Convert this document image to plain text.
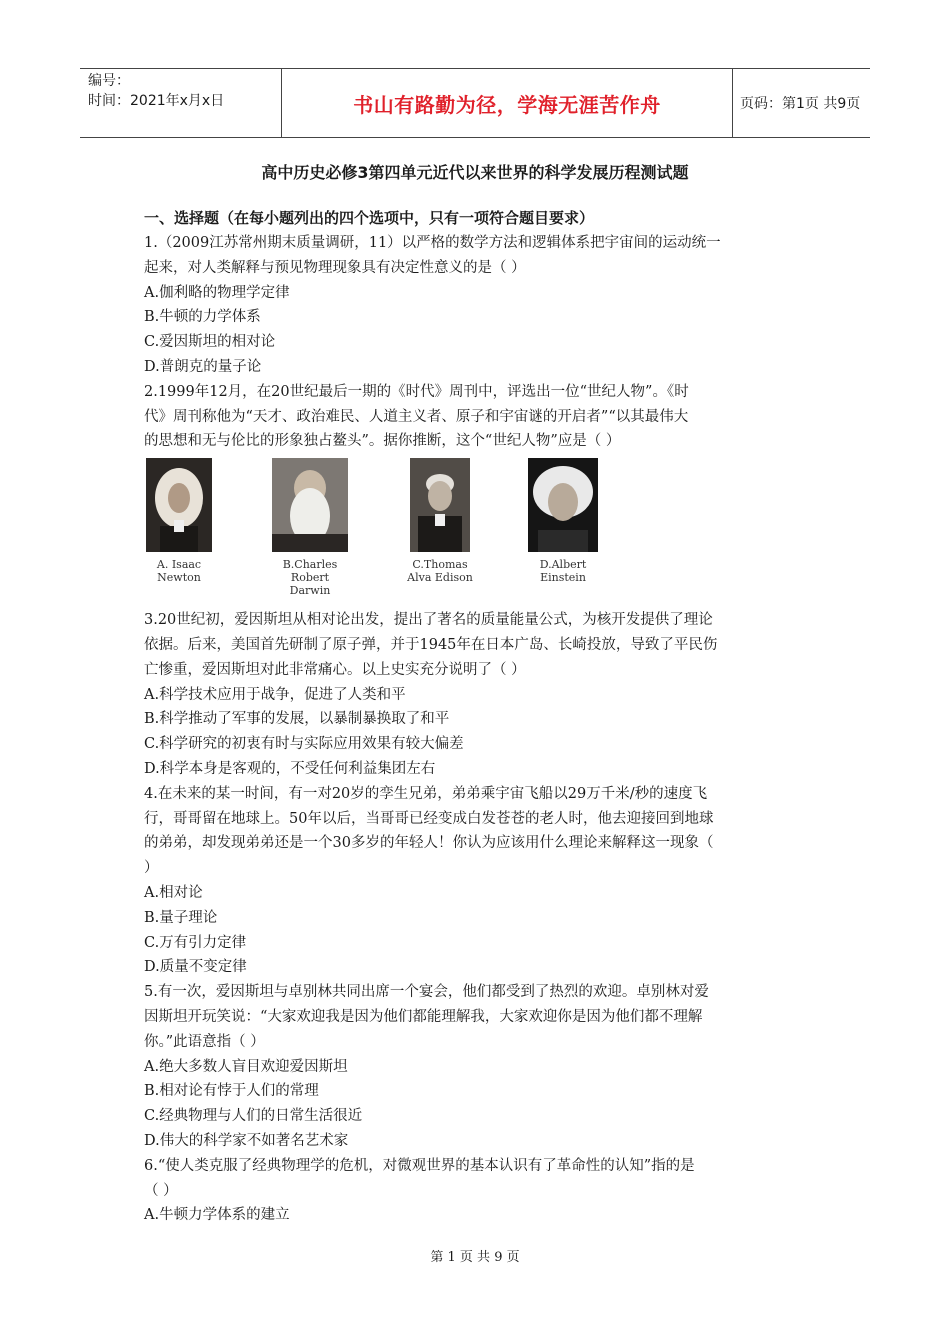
编号：
时间：2021年x月x日	书山有路勤为径，学海无涯苦作舟	页码：第1页 共9页
高中历史必修3第四单元近代以来世界的科学发展历程测试题
一、选择题（在每小题列出的四个选项中，只有一项符合题目要求）
1.（2009江苏常州期末质量调研，11）以严格的数学方法和逻辑体系把宇宙间的运动统一
起来，对人类解释与预见物理现象具有决定性意义的是（ ）
A.伽利略的物理学定律
B.牛顿的力学体系
C.爱因斯坦的相对论
D.普朗克的量子论
2.1999年12月，在20世纪最后一期的《时代》周刊中，评选出一位“世纪人物”。《时
代》周刊称他为“天才、政治难民、人道主义者、原子和宇宙谜的开启者”“以其最伟大
的思想和无与伦比的形象独占鳌头”。据你推断，这个“世纪人物”应是（ ）
A. Isaac
Newton
B.Charles
Robert
Darwin
C.Thomas
Alva Edison
D.Albert
Einstein
3.20世纪初，爱因斯坦从相对论出发，提出了著名的质量能量公式，为核开发提供了理论
依据。后来，美国首先研制了原子弹，并于1945年在日本广岛、长崎投放，导致了平民伤
亡惨重，爱因斯坦对此非常痛心。以上史实充分说明了（ ）
A.科学技术应用于战争，促进了人类和平
B.科学推动了军事的发展，以暴制暴换取了和平
C.科学研究的初衷有时与实际应用效果有较大偏差
D.科学本身是客观的，不受任何利益集团左右
4.在未来的某一时间，有一对20岁的孪生兄弟，弟弟乘宇宙飞船以29万千米/秒的速度飞
行，哥哥留在地球上。50年以后，当哥哥已经变成白发苍苍的老人时，他去迎接回到地球
的弟弟，却发现弟弟还是一个30多岁的年轻人！你认为应该用什么理论来解释这一现象（
）
A.相对论
B.量子理论
C.万有引力定律
D.质量不变定律
5.有一次，爱因斯坦与卓别林共同出席一个宴会，他们都受到了热烈的欢迎。卓别林对爱
因斯坦开玩笑说：“大家欢迎我是因为他们都能理解我，大家欢迎你是因为他们都不理解
你。”此语意指（ ）
A.绝大多数人盲目欢迎爱因斯坦
B.相对论有悖于人们的常理
C.经典物理与人们的日常生活很近
D.伟大的科学家不如著名艺术家
6.“使人类克服了经典物理学的危机，对微观世界的基本认识有了革命性的认知”指的是
（ ）
A.牛顿力学体系的建立
第 1 页 共 9 页
